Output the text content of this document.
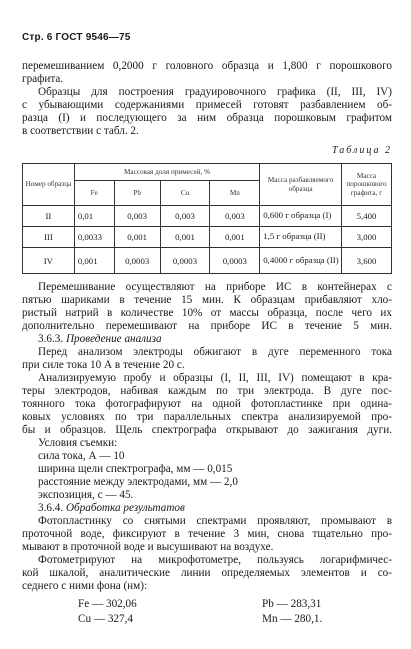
Стр. 6 ГОСТ 9546—75
перемешиванием 0,2000 г головного образца и 1,800 г порошкового
графита.
Образцы для построения градуировочного графика (II, III, IV)
с убывающими содержаниями примесей готовят разбавлением об-
разца (I) и последующего за ним образца порошковым графитом
в соответствии с табл. 2.
Таблица 2
Номер образца	Массовая доля примесей, %				Масса разбавляемого образца	Масса порошкового графита, г
	Fe	Pb	Cu	Mn		
II	0,01	0,003	0,003	0,003	0,600 г образца (I)	5,400
III	0,0033	0,001	0,001	0,001	1,5 г образца (II)	3,000
IV	0,001	0,0003	0,0003	0,0003	0,4000 г образца (II)	3,600
Перемешивание осуществляют на приборе ИС в контейнерах с
пятью шариками в течение 15 мин. К образцам прибавляют хло-
ристый натрий в количестве 10% от массы образца, после чего их
дополнительно перемешивают на приборе ИС в течение 5 мин.
3.6.3. Проведение анализа
Перед анализом электроды обжигают в дуге переменного тока
при силе тока 10 А в течение 20 с.
Анализируемую пробу и образцы (I, II, III, IV) помещают в кра-
теры электродов, набивая каждым по три электрода. В дуге пос-
тоянного тока фотографируют на одной фотопластинке при одина-
ковых условиях по три параллельных спектра анализируемой про-
бы и образцов. Щель спектрографа открывают до зажигания дуги.
Условия съемки:
сила тока, А — 10
ширина щели спектрографа, мм — 0,015
расстояние между электродами, мм — 2,0
экспозиция, с — 45.
3.6.4. Обработка результатов
Фотопластинку со снятыми спектрами проявляют, промывают в
проточной воде, фиксируют в течение 3 мин, снова тщательно про-
мывают в проточной воде и высушивают на воздухе.
Фотометрируют на микрофотометре, пользуясь логарифмичес-
кой шкалой, аналитические линии определяемых элементов и со-
седнего с ними фона (нм):
Fe — 302,06	Pb — 283,31
Cu — 327,4	Mn — 280,1.
